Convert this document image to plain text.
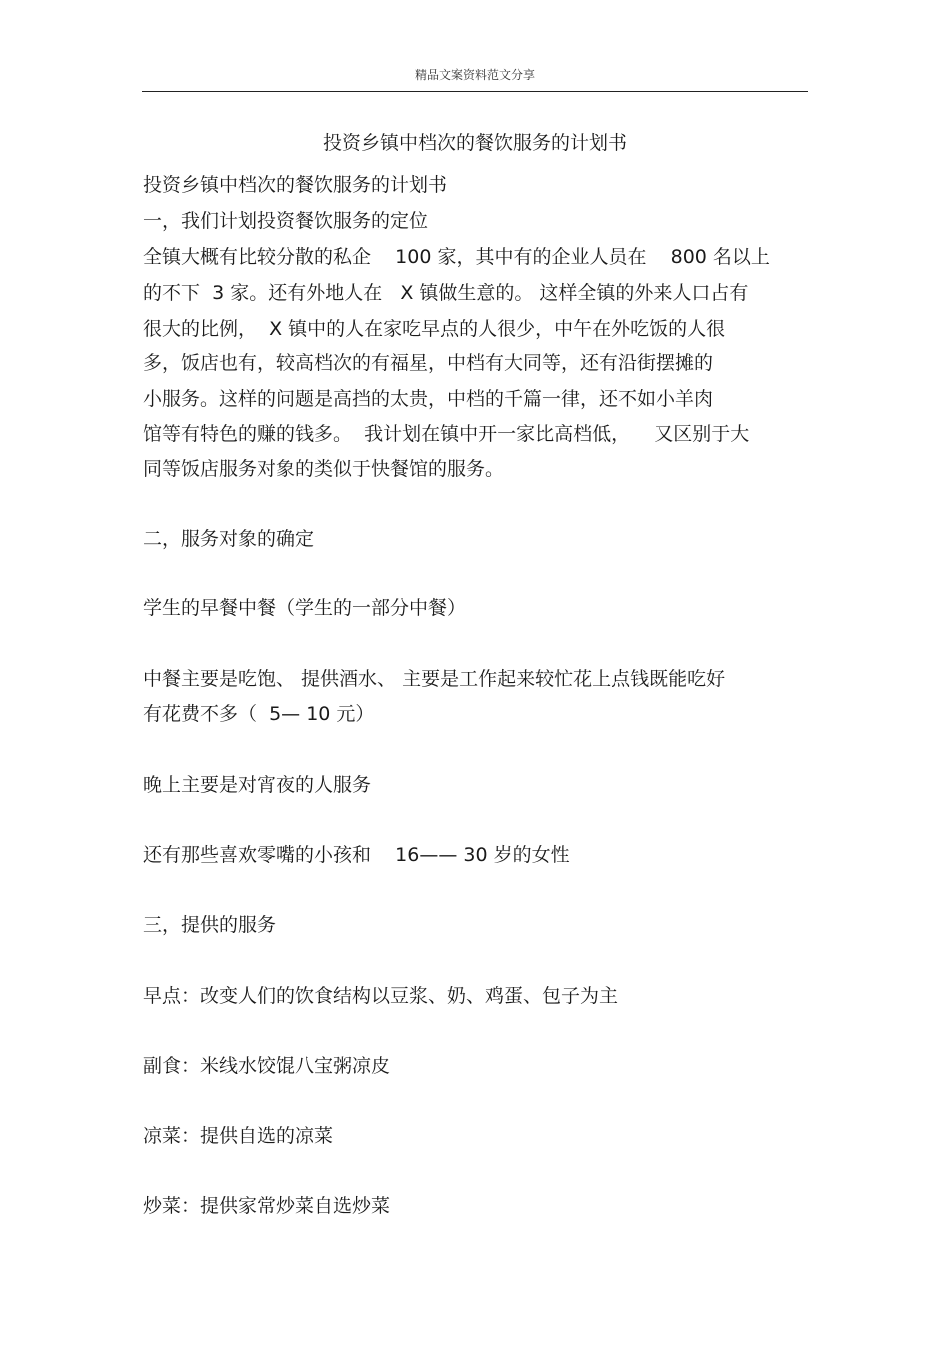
精品文案资料范文分享
投资乡镇中档次的餐饮服务的计划书
投资乡镇中档次的餐饮服务的计划书
一，我们计划投资餐饮服务的定位
全镇大概有比较分散的私企    100 家，其中有的企业人员在    800 名以上
的不下  3 家。还有外地人在   X 镇做生意的。 这样全镇的外来人口占有
很大的比例，  X 镇中的人在家吃早点的人很少，中午在外吃饭的人很
多，饭店也有，较高档次的有福星，中档有大同等，还有沿街摆摊的
小服务。这样的问题是高挡的太贵，中档的千篇一律，还不如小羊肉
馆等有特色的赚的钱多。  我计划在镇中开一家比高档低，    又区别于大
同等饭店服务对象的类似于快餐馆的服务。
二，服务对象的确定
学生的早餐中餐（学生的一部分中餐）
中餐主要是吃饱、 提供酒水、 主要是工作起来较忙花上点钱既能吃好
有花费不多（  5— 10 元）
晚上主要是对宵夜的人服务
还有那些喜欢零嘴的小孩和    16—— 30 岁的女性
三，提供的服务
早点：改变人们的饮食结构以豆浆、奶、鸡蛋、包子为主
副食：米线水饺馄八宝粥凉皮
凉菜：提供自选的凉菜
炒菜：提供家常炒菜自选炒菜
